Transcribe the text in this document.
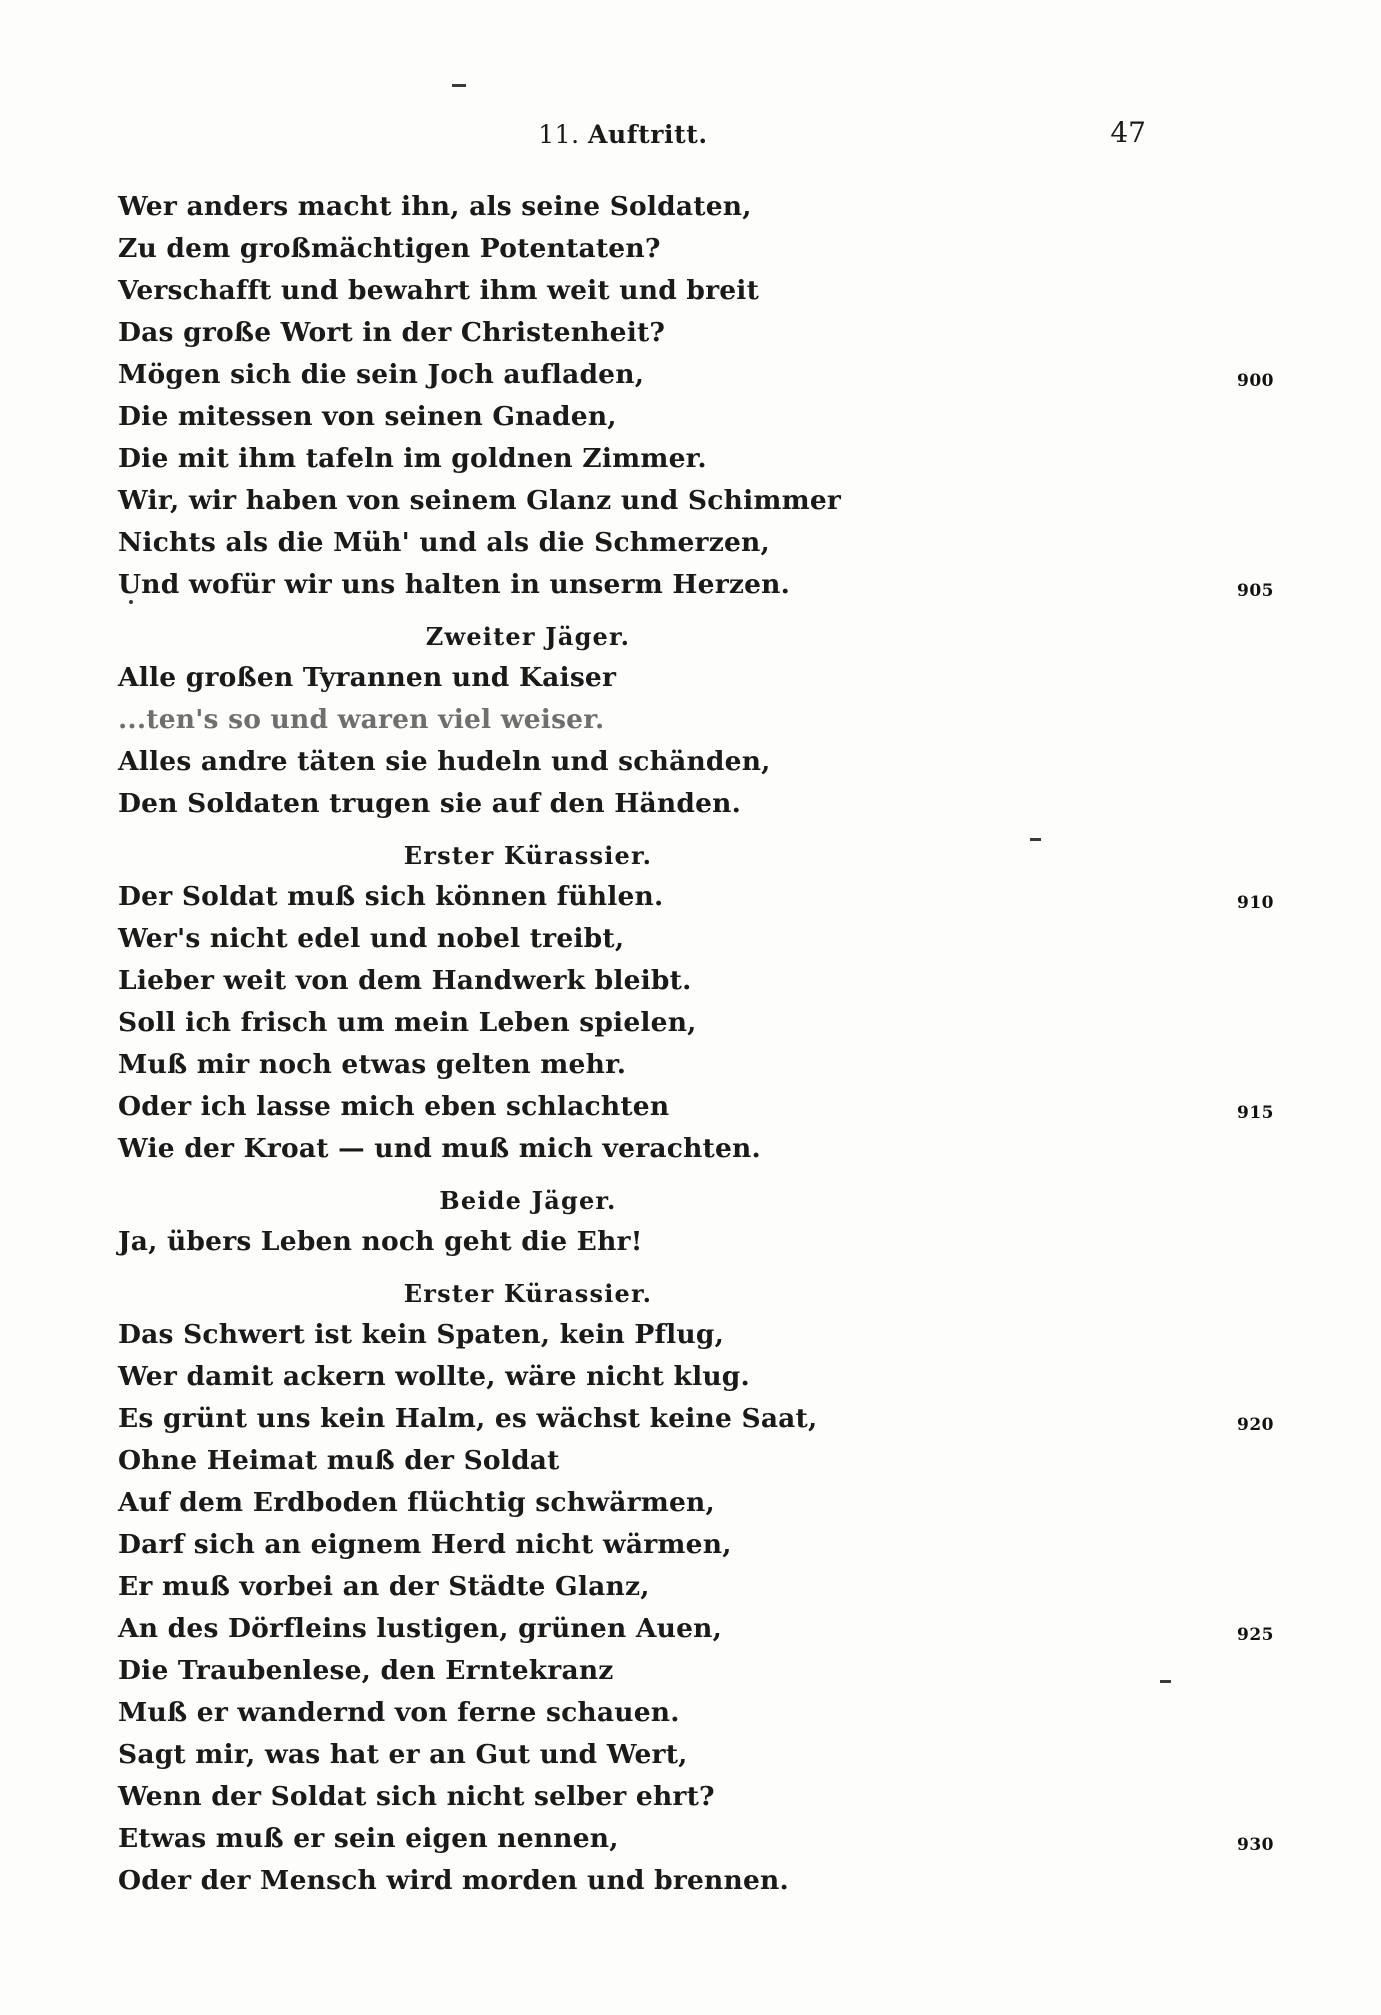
11. Auftritt.	47
Wer anders macht ihn, als seine Soldaten,
Zu dem großmächtigen Potentaten?
Verschafft und bewahrt ihm weit und breit
Das große Wort in der Christenheit?
Mögen sich die sein Joch aufladen,	900
Die mitessen von seinen Gnaden,
Die mit ihm tafeln im goldnen Zimmer.
Wir, wir haben von seinem Glanz und Schimmer
Nichts als die Müh' und als die Schmerzen,
Und wofür wir uns halten in unserm Herzen.	905
Zweiter Jäger.
Alle großen Tyrannen und Kaiser
...ten's so und waren viel weiser.
Alles andre täten sie hudeln und schänden,
Den Soldaten trugen sie auf den Händen.
Erster Kürassier.
Der Soldat muß sich können fühlen.	910
Wer's nicht edel und nobel treibt,
Lieber weit von dem Handwerk bleibt.
Soll ich frisch um mein Leben spielen,
Muß mir noch etwas gelten mehr.
Oder ich lasse mich eben schlachten	915
Wie der Kroat — und muß mich verachten.
Beide Jäger.
Ja, übers Leben noch geht die Ehr!
Erster Kürassier.
Das Schwert ist kein Spaten, kein Pflug,
Wer damit ackern wollte, wäre nicht klug.
Es grünt uns kein Halm, es wächst keine Saat,	920
Ohne Heimat muß der Soldat
Auf dem Erdboden flüchtig schwärmen,
Darf sich an eignem Herd nicht wärmen,
Er muß vorbei an der Städte Glanz,
An des Dörfleins lustigen, grünen Auen,	925
Die Traubenlese, den Erntekranz
Muß er wandernd von ferne schauen.
Sagt mir, was hat er an Gut und Wert,
Wenn der Soldat sich nicht selber ehrt?
Etwas muß er sein eigen nennen,	930
Oder der Mensch wird morden und brennen.
